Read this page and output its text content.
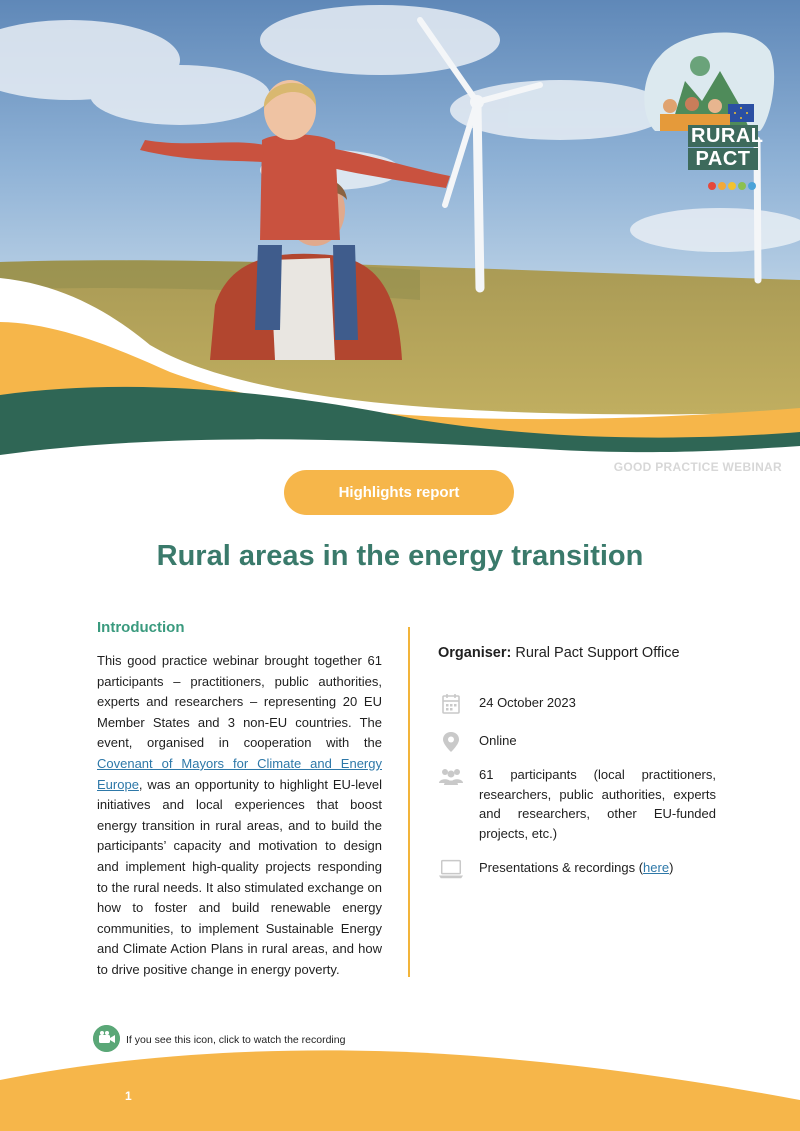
RURAL
PACT
GOOD PRACTICE WEBINAR
Highlights report
Rural areas in the energy transition
Introduction
This good practice webinar brought together 61 participants – practitioners, public authorities, experts and researchers – representing 20 EU Member States and 3 non-EU countries. The event, organised in cooperation with the Covenant of Mayors for Climate and Energy Europe, was an opportunity to highlight EU-level initiatives and local experiences that boost energy transition in rural areas, and to build the participants’ capacity and motivation to design and implement high-quality projects responding to the rural needs. It also stimulated exchange on how to foster and build renewable energy communities, to implement Sustainable Energy and Climate Action Plans in rural areas, and how to drive positive change in energy poverty.
Organiser: Rural Pact Support Office
24 October 2023
Online
61 participants (local practitioners, researchers, public authorities, experts and researchers, other EU-funded projects, etc.)
Presentations & recordings (here)
If you see this icon, click to watch the recording
1
